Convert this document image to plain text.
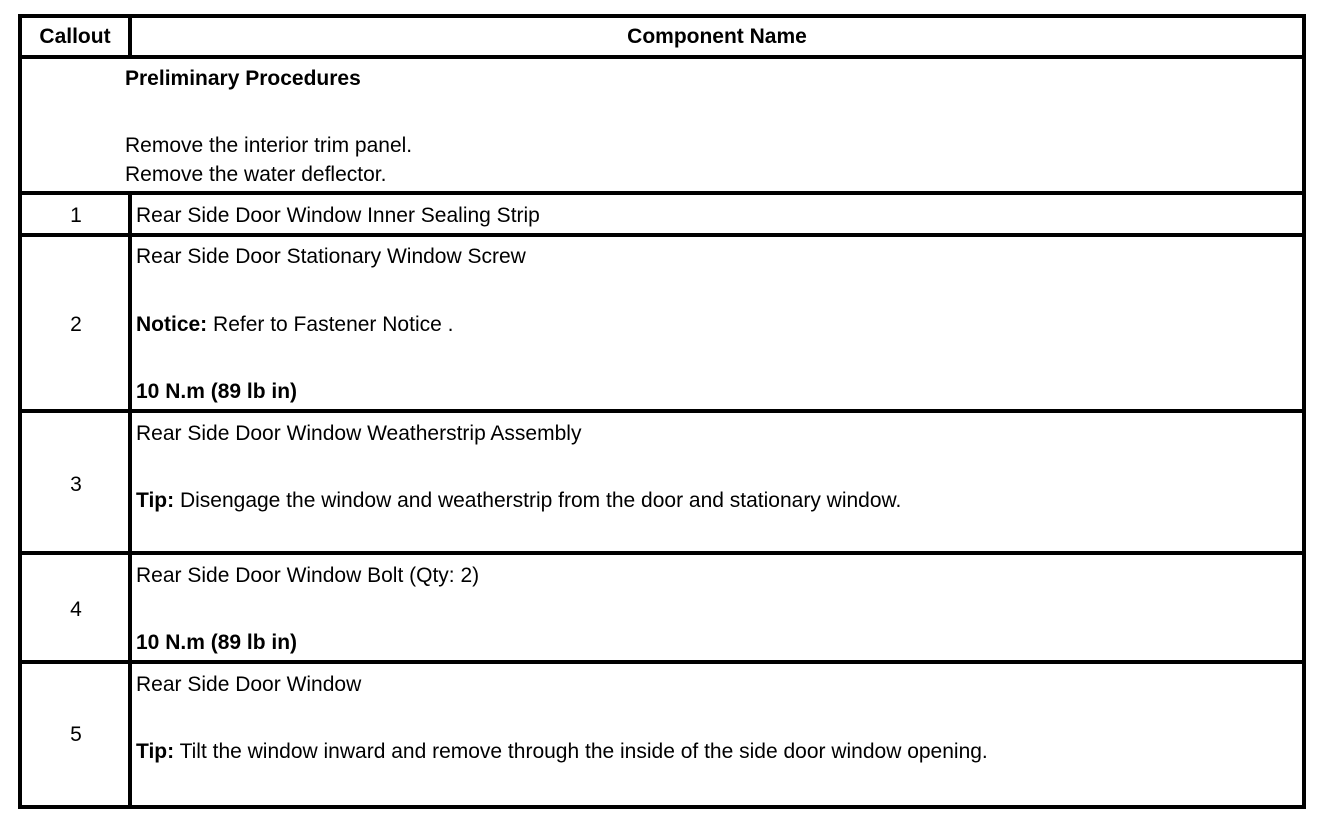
Callout	Component Name
Preliminary Procedures
Remove the interior trim panel.
Remove the water deflector.
1	Rear Side Door Window Inner Sealing Strip
2
Rear Side Door Stationary Window Screw
Notice: Refer to Fastener Notice .
10 N.m (89 lb in)
3
Rear Side Door Window Weatherstrip Assembly
Tip: Disengage the window and weatherstrip from the door and stationary window.
4
Rear Side Door Window Bolt (Qty: 2)
10 N.m (89 lb in)
5
Rear Side Door Window
Tip: Tilt the window inward and remove through the inside of the side door window opening.
